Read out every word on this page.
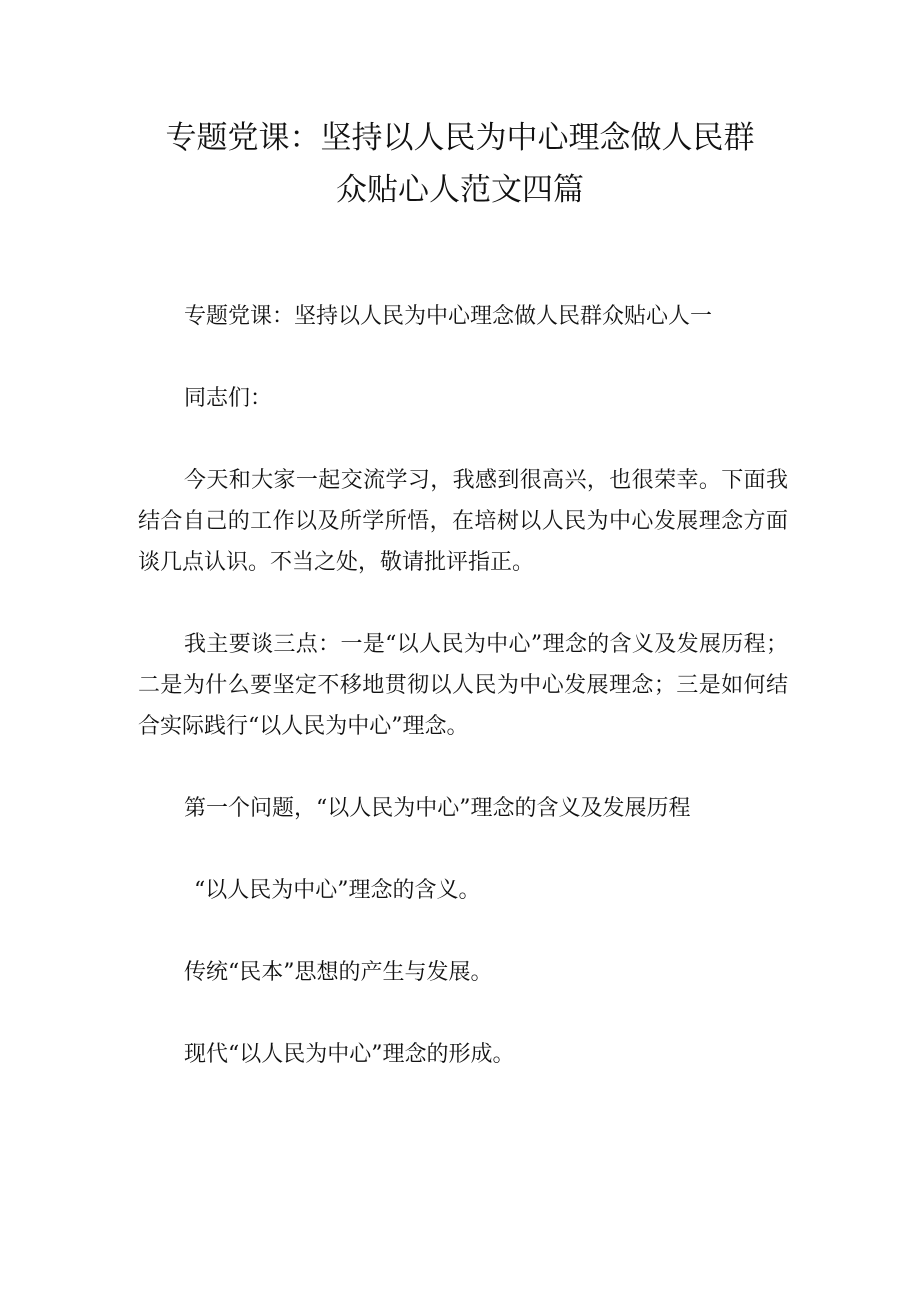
专题党课：坚持以人民为中心理念做人民群
众贴心人范文四篇

专题党课：坚持以人民为中心理念做人民群众贴心人一

同志们：

今天和大家一起交流学习，我感到很高兴，也很荣幸。下面我结合自己的工作以及所学所悟，在培树以人民为中心发展理念方面谈几点认识。不当之处，敬请批评指正。

我主要谈三点：一是“以人民为中心”理念的含义及发展历程；二是为什么要坚定不移地贯彻以人民为中心发展理念；三是如何结合实际践行“以人民为中心”理念。

第一个问题，“以人民为中心”理念的含义及发展历程

“以人民为中心”理念的含义。

传统“民本”思想的产生与发展。

现代“以人民为中心”理念的形成。
